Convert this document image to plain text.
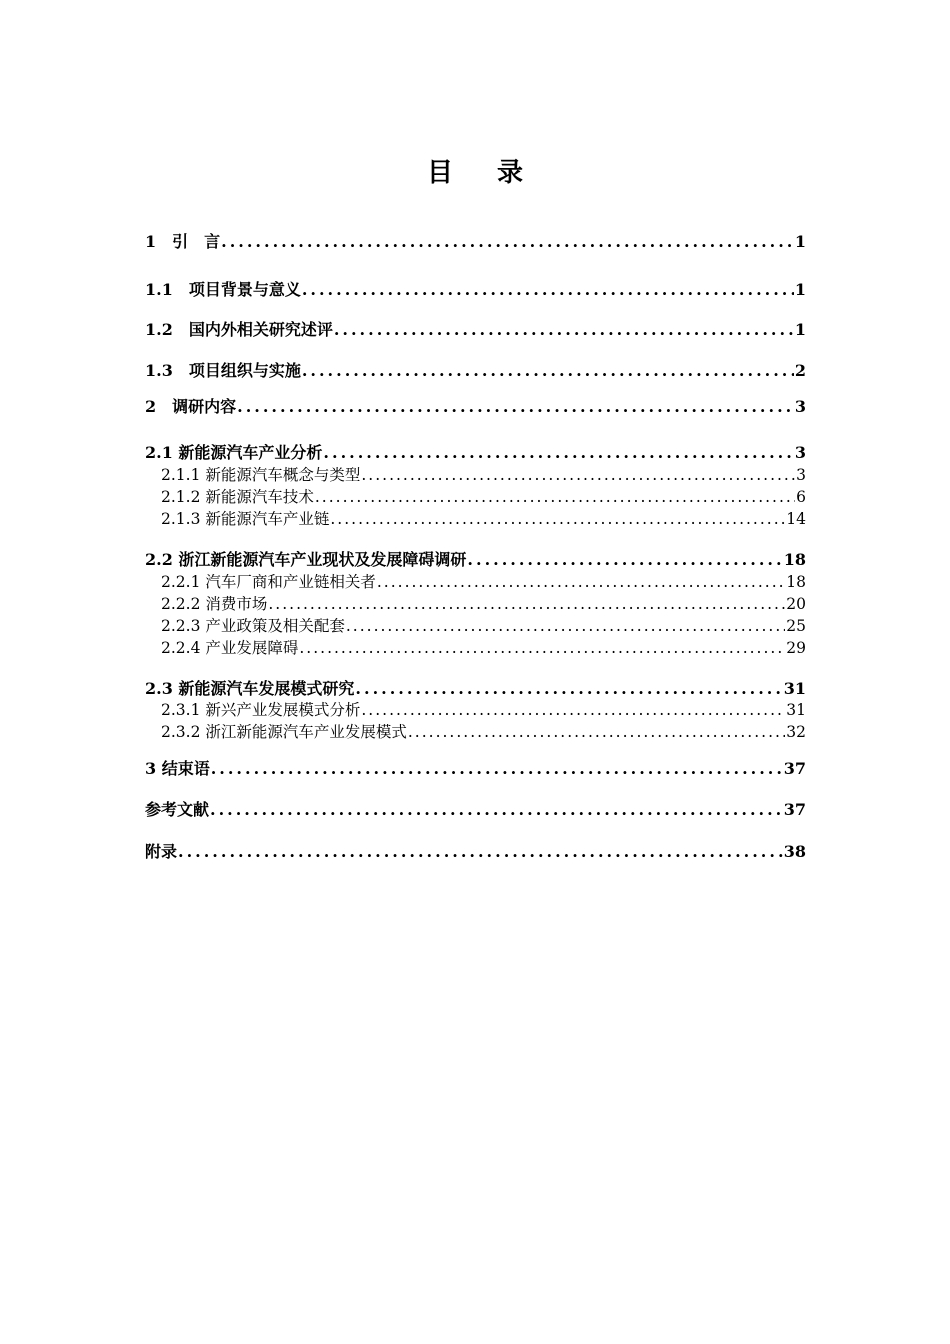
目 录
1　引　言 .....	1
1.1　项目背景与意义 .....	1
1.2　国内外相关研究述评 .....	1
1.3　项目组织与实施 .....	2
2　调研内容 .....	3
2.1 新能源汽车产业分析 .....	3
2.1.1 新能源汽车概念与类型 .....	3
2.1.2 新能源汽车技术 .....	6
2.1.3 新能源汽车产业链 .....	14
2.2 浙江新能源汽车产业现状及发展障碍调研 .....	18
2.2.1 汽车厂商和产业链相关者 .....	18
2.2.2 消费市场 .....	20
2.2.3 产业政策及相关配套 .....	25
2.2.4 产业发展障碍 .....	29
2.3 新能源汽车发展模式研究 .....	31
2.3.1 新兴产业发展模式分析 .....	31
2.3.2 浙江新能源汽车产业发展模式 .....	32
3 结束语 .....	37
参考文献 .....	37
附录 .....	38
